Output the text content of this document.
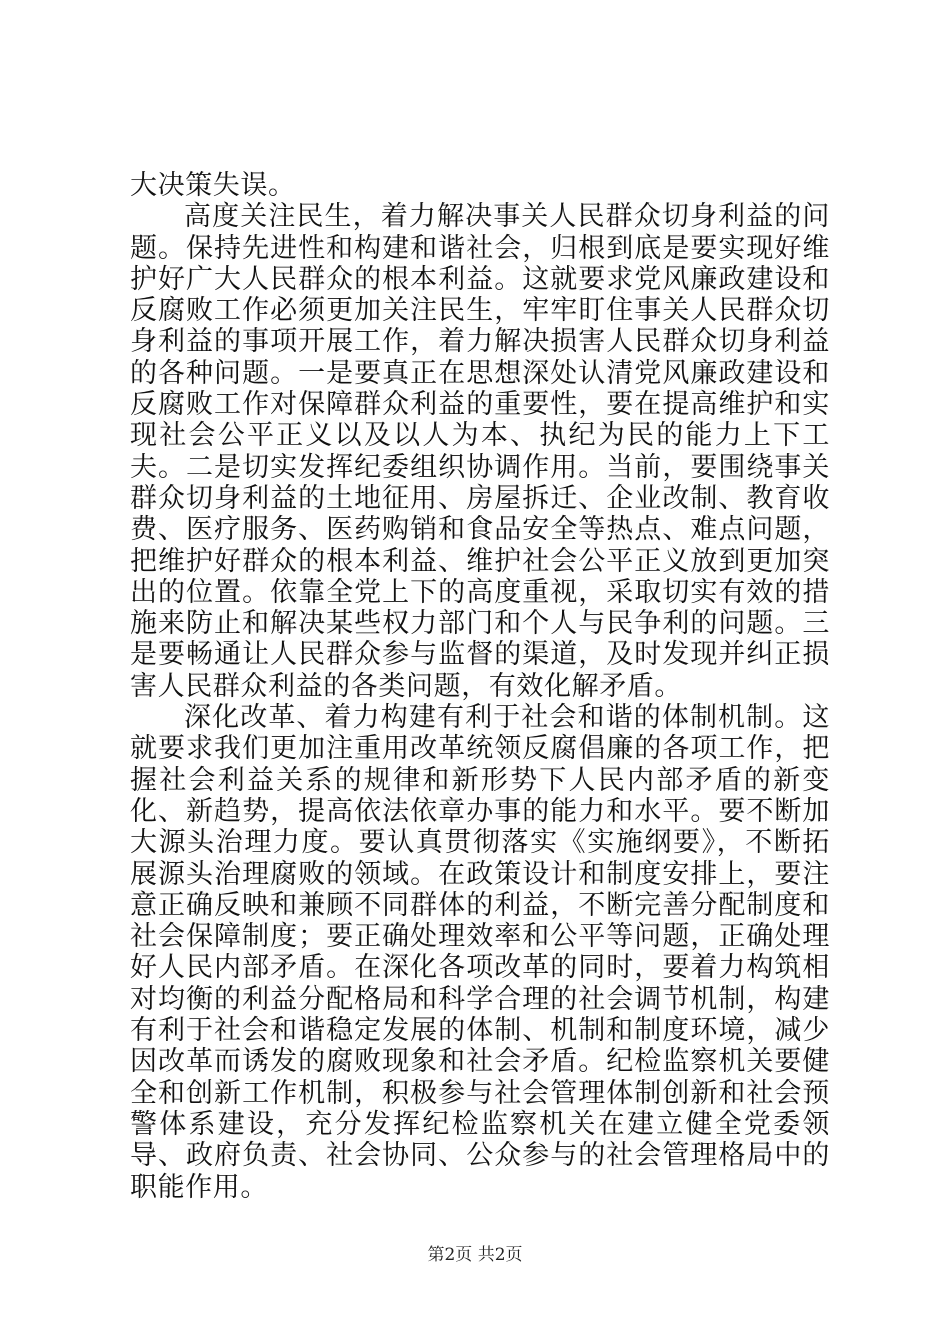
大决策失误。

高度关注民生，着力解决事关人民群众切身利益的问题。保持先进性和构建和谐社会，归根到底是要实现好维护好广大人民群众的根本利益。这就要求党风廉政建设和反腐败工作必须更加关注民生，牢牢盯住事关人民群众切身利益的事项开展工作，着力解决损害人民群众切身利益的各种问题。一是要真正在思想深处认清党风廉政建设和反腐败工作对保障群众利益的重要性，要在提高维护和实现社会公平正义以及以人为本、执纪为民的能力上下工夫。二是切实发挥纪委组织协调作用。当前，要围绕事关群众切身利益的土地征用、房屋拆迁、企业改制、教育收费、医疗服务、医药购销和食品安全等热点、难点问题，把维护好群众的根本利益、维护社会公平正义放到更加突出的位置。依靠全党上下的高度重视，采取切实有效的措施来防止和解决某些权力部门和个人与民争利的问题。三是要畅通让人民群众参与监督的渠道，及时发现并纠正损害人民群众利益的各类问题，有效化解矛盾。

深化改革、着力构建有利于社会和谐的体制机制。这就要求我们更加注重用改革统领反腐倡廉的各项工作，把握社会利益关系的规律和新形势下人民内部矛盾的新变化、新趋势，提高依法依章办事的能力和水平。要不断加大源头治理力度。要认真贯彻落实《实施纲要》，不断拓展源头治理腐败的领域。在政策设计和制度安排上，要注意正确反映和兼顾不同群体的利益，不断完善分配制度和社会保障制度；要正确处理效率和公平等问题，正确处理好人民内部矛盾。在深化各项改革的同时，要着力构筑相对均衡的利益分配格局和科学合理的社会调节机制，构建有利于社会和谐稳定发展的体制、机制和制度环境，减少因改革而诱发的腐败现象和社会矛盾。纪检监察机关要健全和创新工作机制，积极参与社会管理体制创新和社会预警体系建设，充分发挥纪检监察机关在建立健全党委领导、政府负责、社会协同、公众参与的社会管理格局中的职能作用。

第2页 共2页
